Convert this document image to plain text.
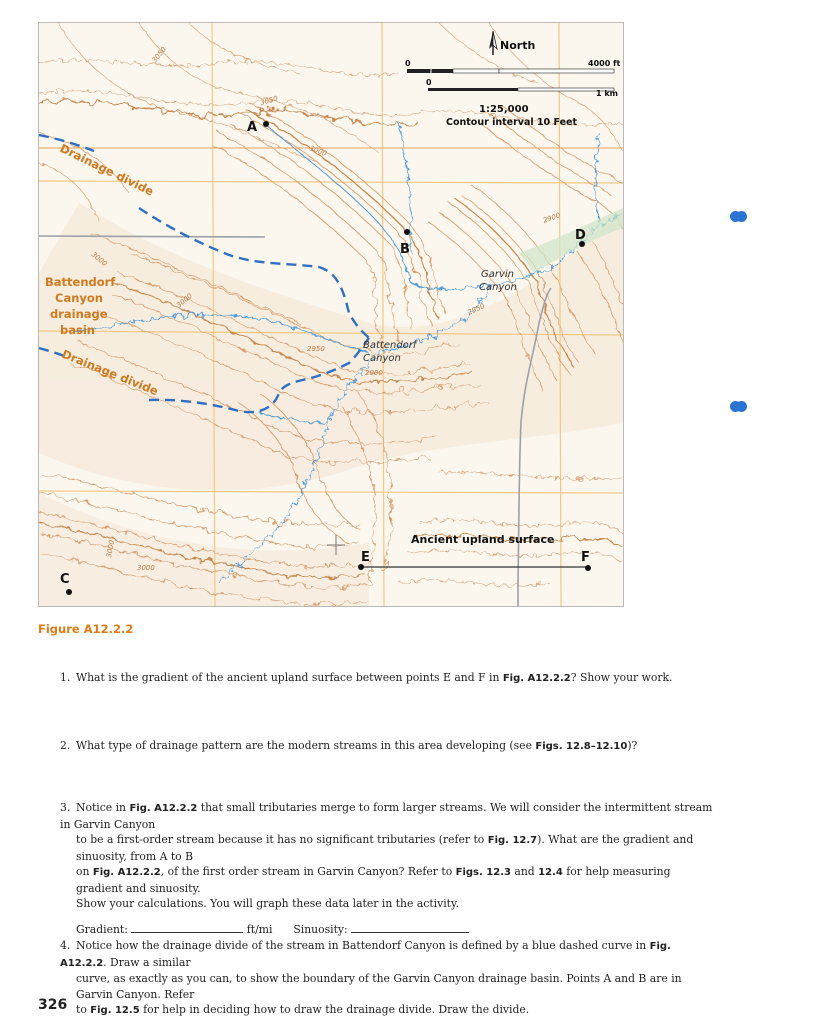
North
0	4000 ft
0
1 km
1:25,000
Contour interval 10 Feet
Drainage divide
Drainage divide
Battendorf
Canyon
drainage
basin
Garvin
Canyon
Battendorf
Canyon
Ancient upland surface
A
B
C
D
E	F
3050
3050
3000
3000
3000
3000
3000
2950
2950
2900
2900
Figure A12.2.2
1. What is the gradient of the ancient upland surface between points E and F in Fig. A12.2.2? Show your work.
2. What type of drainage pattern are the modern streams in this area developing (see Figs. 12.8–12.10)?
3. Notice in Fig. A12.2.2 that small tributaries merge to form larger streams. We will consider the intermittent stream in Garvin Canyon
to be a first-order stream because it has no significant tributaries (refer to Fig. 12.7). What are the gradient and sinuosity, from A to B
on Fig. A12.2.2, of the first order stream in Garvin Canyon? Refer to Figs. 12.3 and 12.4 for help measuring gradient and sinuosity.
Show your calculations. You will graph these data later in the activity.
Gradient:	ft/mi Sinuosity:
4. Notice how the drainage divide of the stream in Battendorf Canyon is defined by a blue dashed curve in Fig. A12.2.2. Draw a similar
curve, as exactly as you can, to show the boundary of the Garvin Canyon drainage basin. Points A and B are in Garvin Canyon. Refer
to Fig. 12.5 for help in deciding how to draw the drainage divide. Draw the divide.
326
